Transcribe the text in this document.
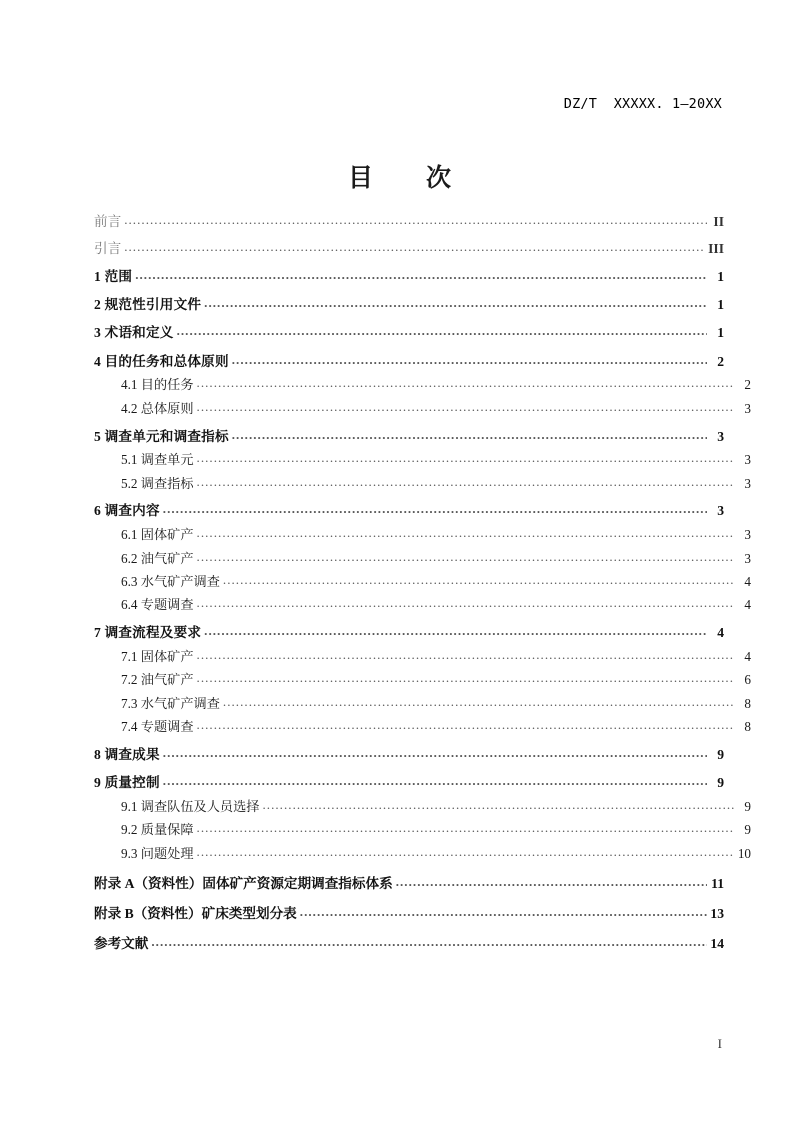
DZ/T  XXXXX. 1—20XX
目　　次
前言 . . .	II
引言 . . .	III
1 范围 . . .	1
2 规范性引用文件 . . .	1
3 术语和定义 . . .	1
4 目的任务和总体原则 . . .	2
4.1 目的任务 . . .	2
4.2 总体原则 . . .	3
5 调查单元和调查指标 . . .	3
5.1 调查单元 . . .	3
5.2 调查指标 . . .	3
6 调查内容 . . .	3
6.1 固体矿产 . . .	3
6.2 油气矿产 . . .	3
6.3 水气矿产调查 . . .	4
6.4 专题调查 . . .	4
7 调查流程及要求 . . .	4
7.1 固体矿产 . . .	4
7.2 油气矿产 . . .	6
7.3 水气矿产调查 . . .	8
7.4 专题调查 . . .	8
8 调查成果 . . .	9
9 质量控制 . . .	9
9.1 调查队伍及人员选择 . . .	9
9.2 质量保障 . . .	9
9.3 问题处理 . . .	10
附录 A（资料性）固体矿产资源定期调查指标体系 . . .	11
附录 B（资料性）矿床类型划分表 . . .	13
参考文献 . . .	14
I
